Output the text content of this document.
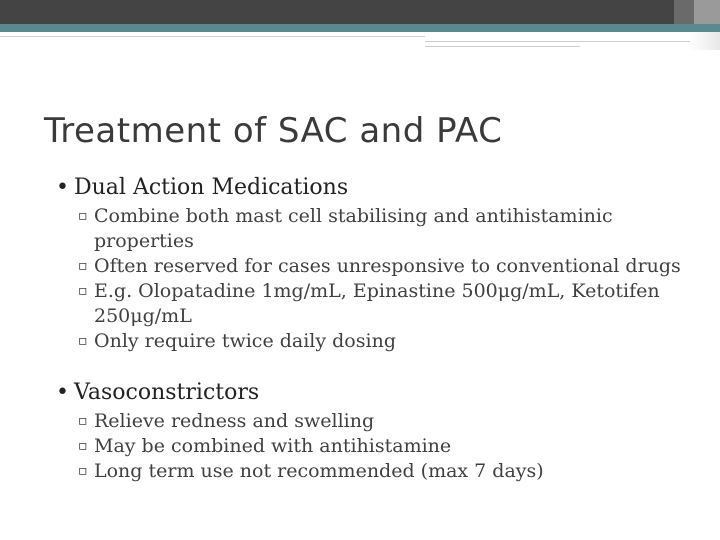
Treatment of SAC and PAC
• Dual Action Medications
▫ Combine both mast cell stabilising and antihistaminic properties
▫ Often reserved for cases unresponsive to conventional drugs
▫ E.g. Olopatadine 1mg/mL, Epinastine 500μg/mL, Ketotifen 250μg/mL
▫ Only require twice daily dosing
• Vasoconstrictors
▫ Relieve redness and swelling
▫ May be combined with antihistamine
▫ Long term use not recommended (max 7 days)
